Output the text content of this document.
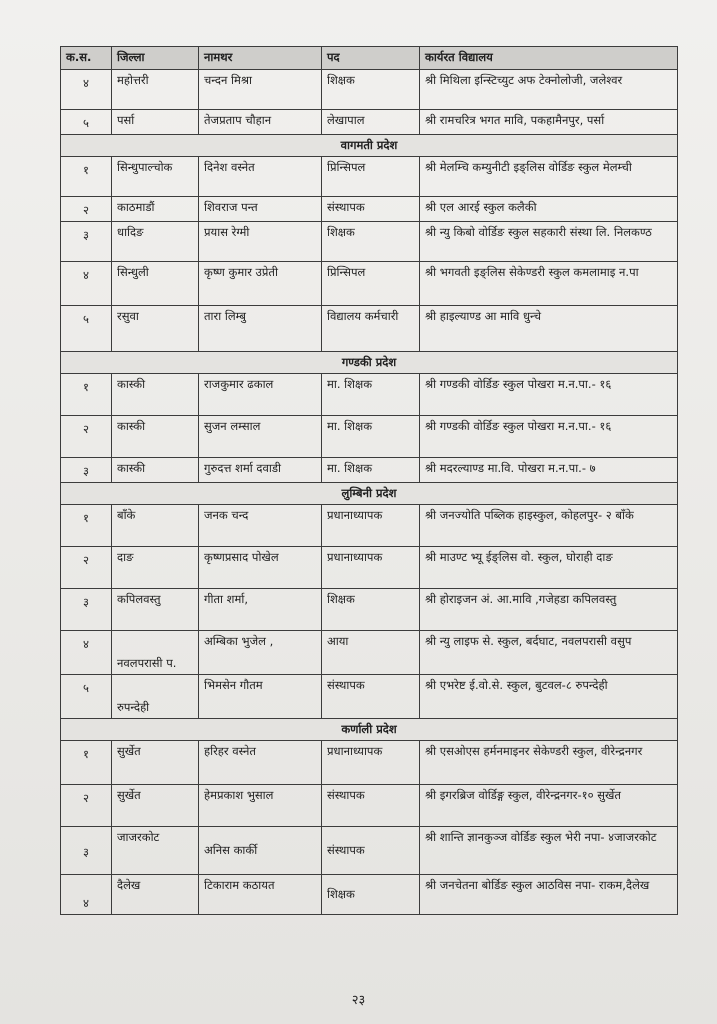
क.स.	जिल्ला	नामथर	पद	कार्यरत विद्यालय
४	महोत्तरी	चन्दन मिश्रा	शिक्षक	श्री मिथिला इन्स्टिच्युट अफ टेक्नोलोजी, जलेश्वर
५	पर्सा	तेजप्रताप चौहान	लेखापाल	श्री रामचरित्र भगत मावि, पकहामैनपुर, पर्सा
वागमती प्रदेश				
१	सिन्धुपाल्चोक	दिनेश वस्नेत	प्रिन्सिपल	श्री मेलम्चि कम्युनीटी इङ्लिस वोर्डिङ स्कुल मेलम्ची
२	काठमाडौं	शिवराज पन्त	संस्थापक	श्री एल आरई स्कुल कलैकी
३	धादिङ	प्रयास रेग्मी	शिक्षक	श्री न्यु किबो वोर्डिङ स्कुल सहकारी संस्था लि. निलकण्ठ
४	सिन्धुली	कृष्ण कुमार उप्रेती	प्रिन्सिपल	श्री भगवती इङ्लिस सेकेण्डरी स्कुल कमलामाइ न.पा
५	रसुवा	तारा लिम्बु	विद्यालय कर्मचारी	श्री हाइल्याण्ड आ मावि धुन्चे
गण्डकी प्रदेश				
१	कास्की	राजकुमार ढकाल	मा. शिक्षक	श्री गण्डकी वोर्डिङ स्कुल पोखरा म.न.पा.- १६
२	कास्की	सुजन लम्साल	मा. शिक्षक	श्री गण्डकी वोर्डिङ स्कुल पोखरा म.न.पा.- १६
३	कास्की	गुरुदत्त शर्मा दवाडी	मा. शिक्षक	श्री मदरल्याण्ड मा.वि. पोखरा म.न.पा.- ७
लुम्बिनी प्रदेश				
१	बाँके	जनक चन्द	प्रधानाध्यापक	श्री जनज्योति पब्लिक हाइस्कुल, कोहलपुर- २ बाँके
२	दाङ	कृष्णप्रसाद पोखेल	प्रधानाध्यापक	श्री माउण्ट भ्यू ईङ्लिस वो. स्कुल, घोराही दाङ
३	कपिलवस्तु	गीता शर्मा,	शिक्षक	श्री होराइजन अं. आ.मावि ,गजेहडा कपिलवस्तु
४	नवलपरासी प.	अम्बिका भुजेल ,	आया	श्री न्यु लाइफ से. स्कुल, बर्दघाट, नवलपरासी वसुप
५	रुपन्देही	भिमसेन गौतम	संस्थापक	श्री एभरेष्ट ई.वो.से. स्कुल, बुटवल-८ रुपन्देही
कर्णाली प्रदेश				
१	सुर्खेत	हरिहर वस्नेत	प्रधानाध्यापक	श्री एसओएस हर्मनमाइनर सेकेण्डरी स्कुल, वीरेन्द्रनगर
२	सुर्खेत	हेमप्रकाश भुसाल	संस्थापक	श्री इगरब्रिज वोर्डिङ्ग स्कुल, वीरेन्द्रनगर-१० सुर्खेत
३	जाजरकोट	अनिस कार्की	संस्थापक	श्री शान्ति ज्ञानकुञ्ज वोर्डिङ स्कुल भेरी नपा- ४जाजरकोट
४	दैलेख	टिकाराम कठायत	शिक्षक	श्री जनचेतना बोर्डिङ स्कुल आठविस नपा- राकम,दैलेख
२३
